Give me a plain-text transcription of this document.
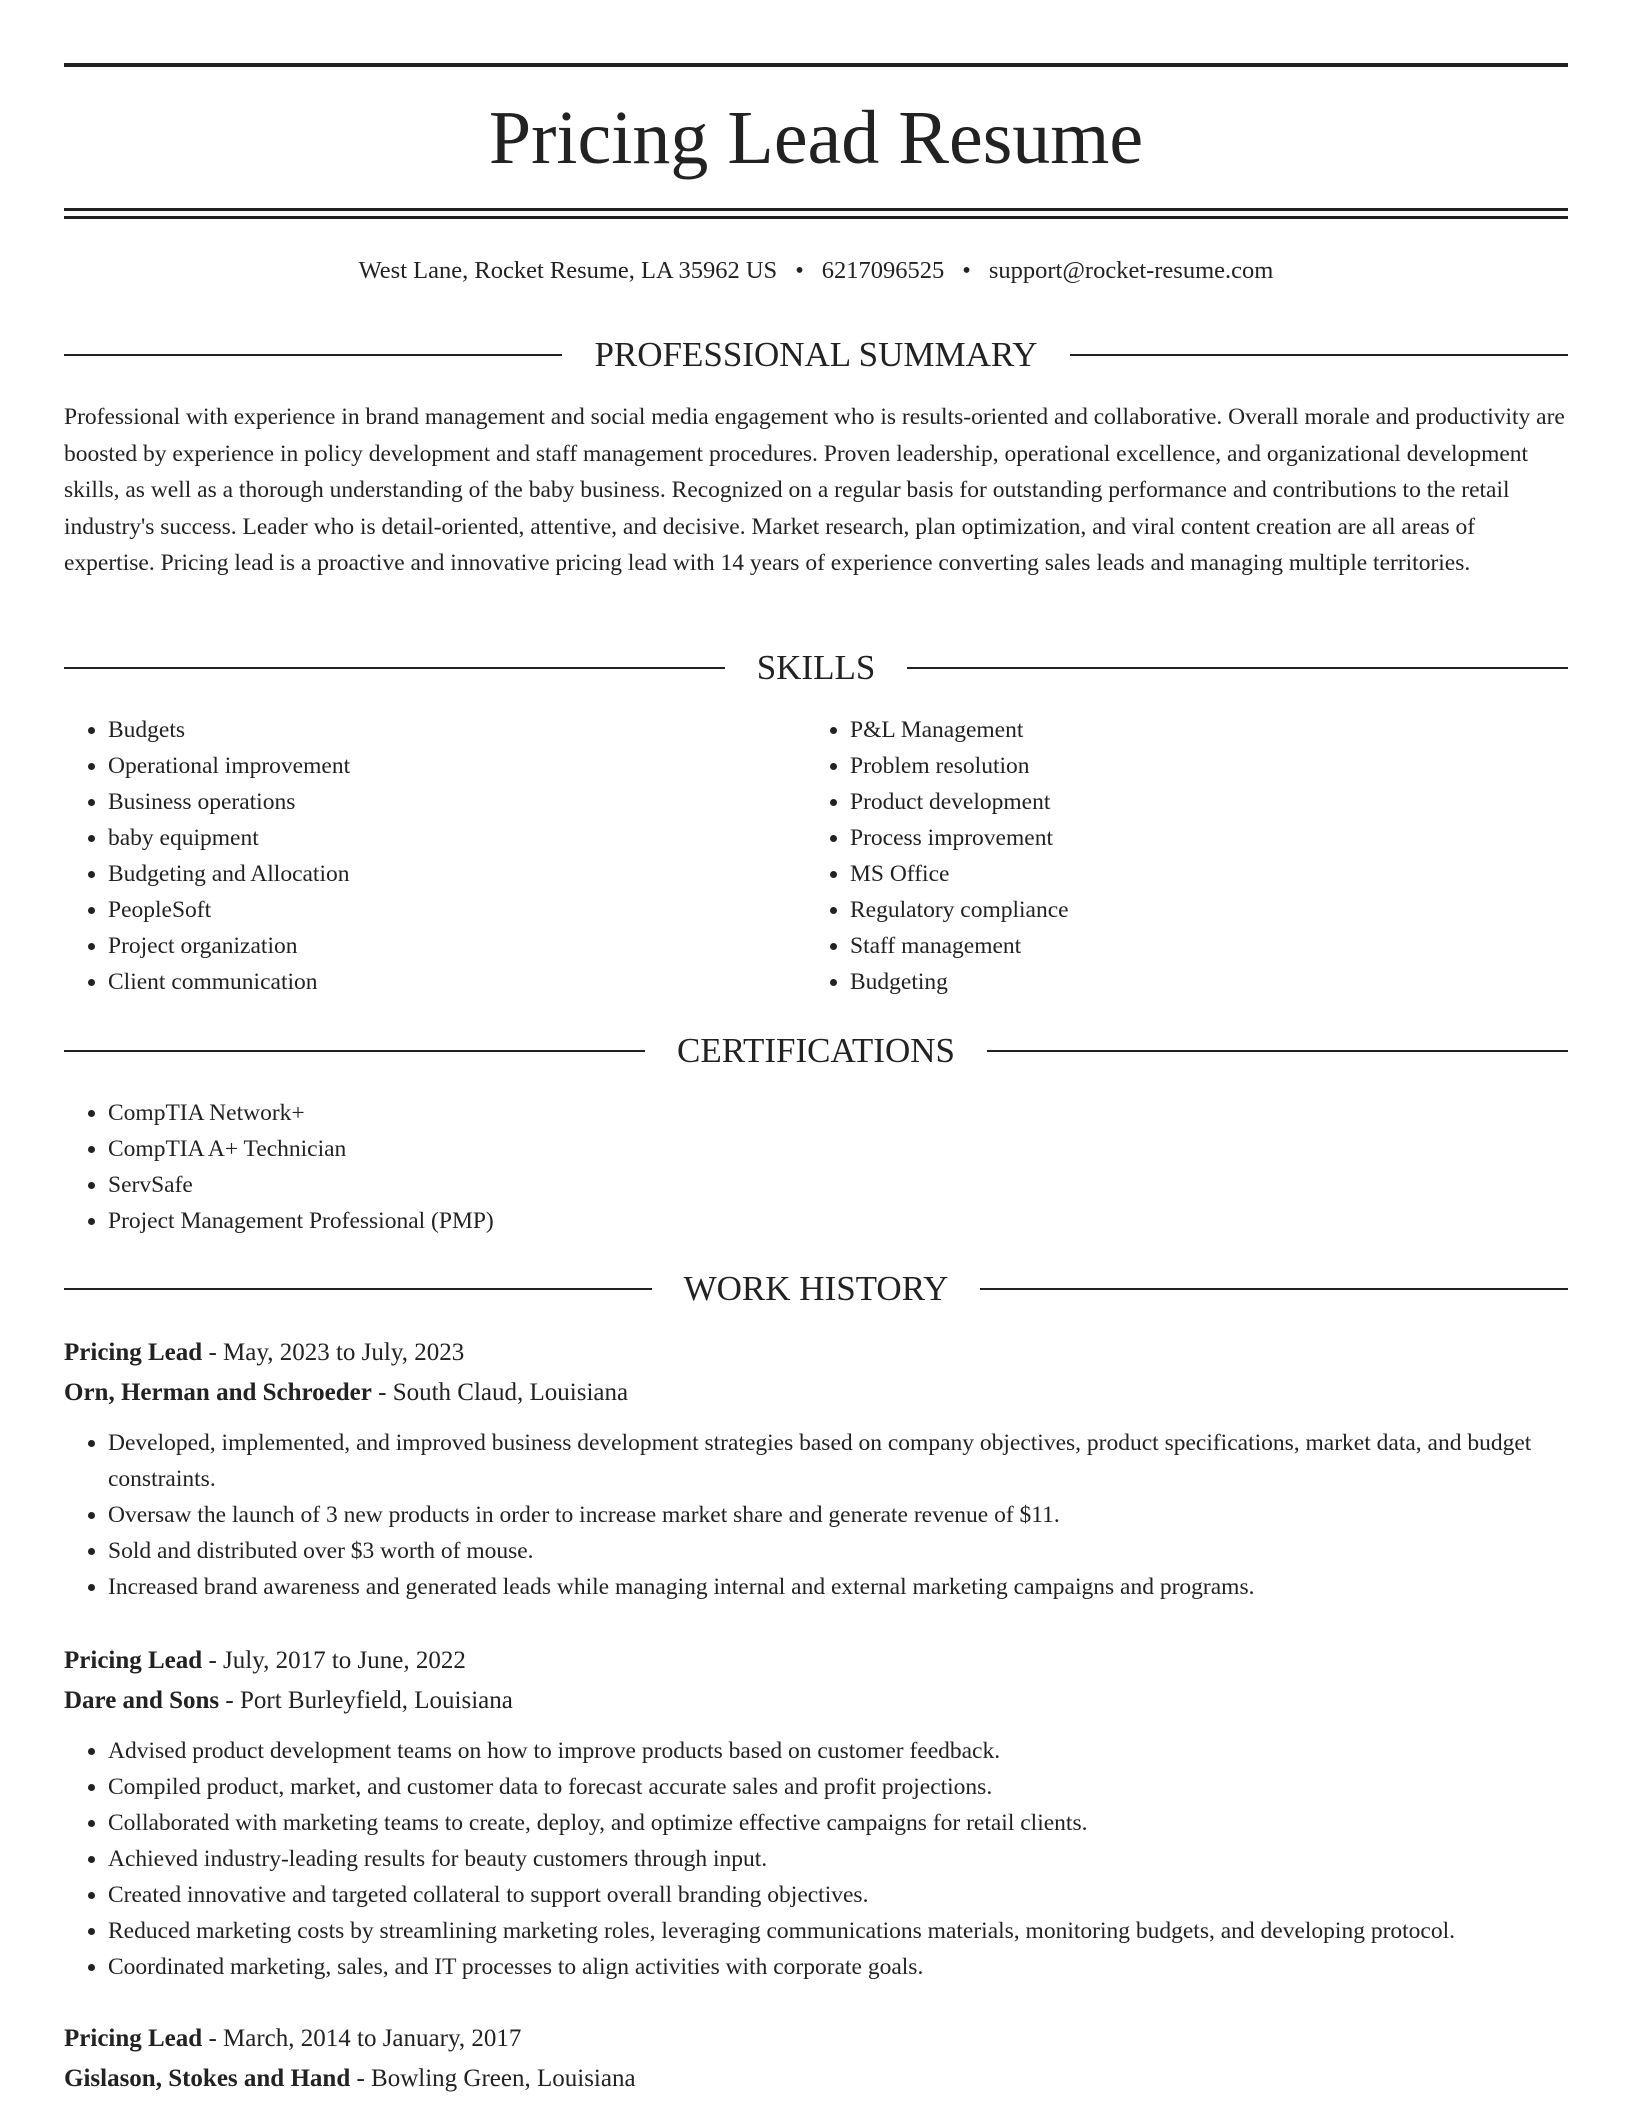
Pricing Lead Resume
West Lane, Rocket Resume, LA 35962 US • 6217096525 • support@rocket-resume.com
PROFESSIONAL SUMMARY

Professional with experience in brand management and social media engagement who is results-oriented and collaborative. Overall morale and productivity are boosted by experience in policy development and staff management procedures. Proven leadership, operational excellence, and organizational development skills, as well as a thorough understanding of the baby business. Recognized on a regular basis for outstanding performance and contributions to the retail industry's success. Leader who is detail-oriented, attentive, and decisive. Market research, plan optimization, and viral content creation are all areas of expertise. Pricing lead is a proactive and innovative pricing lead with 14 years of experience converting sales leads and managing multiple territories.

SKILLS
• Budgets
• Operational improvement
• Business operations
• baby equipment
• Budgeting and Allocation
• PeopleSoft
• Project organization
• Client communication
• P&L Management
• Problem resolution
• Product development
• Process improvement
• MS Office
• Regulatory compliance
• Staff management
• Budgeting
CERTIFICATIONS
• CompTIA Network+
• CompTIA A+ Technician
• ServSafe
• Project Management Professional (PMP)
WORK HISTORY
Pricing Lead - May, 2023 to July, 2023
Orn, Herman and Schroeder - South Claud, Louisiana
• Developed, implemented, and improved business development strategies based on company objectives, product specifications, market data, and budget constraints.
• Oversaw the launch of 3 new products in order to increase market share and generate revenue of $11.
• Sold and distributed over $3 worth of mouse.
• Increased brand awareness and generated leads while managing internal and external marketing campaigns and programs.
Pricing Lead - July, 2017 to June, 2022
Dare and Sons - Port Burleyfield, Louisiana
• Advised product development teams on how to improve products based on customer feedback.
• Compiled product, market, and customer data to forecast accurate sales and profit projections.
• Collaborated with marketing teams to create, deploy, and optimize effective campaigns for retail clients.
• Achieved industry-leading results for beauty customers through input.
• Created innovative and targeted collateral to support overall branding objectives.
• Reduced marketing costs by streamlining marketing roles, leveraging communications materials, monitoring budgets, and developing protocol.
• Coordinated marketing, sales, and IT processes to align activities with corporate goals.
Pricing Lead - March, 2014 to January, 2017
Gislason, Stokes and Hand - Bowling Green, Louisiana
